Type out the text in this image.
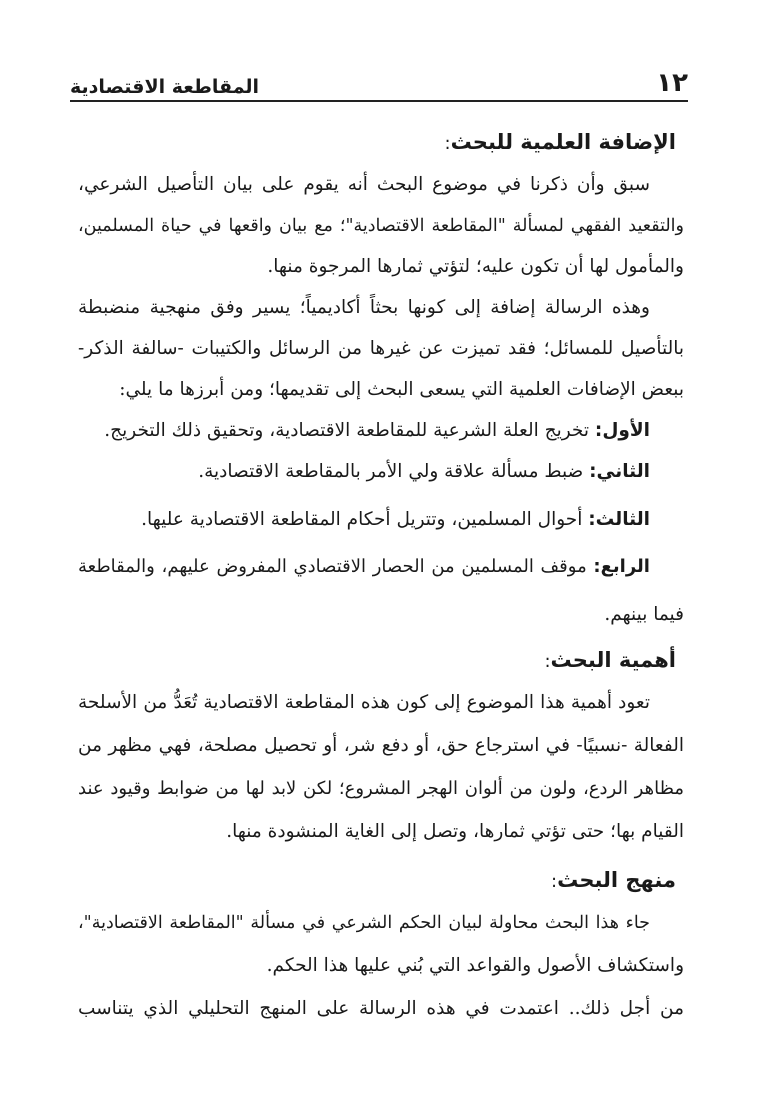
١٢
المقاطعة الاقتصادية
الإضافة العلمية للبحث:
سبق وأن ذكرنا في موضوع البحث أنه يقوم على بيان التأصيل الشرعي،
والتقعيد الفقهي لمسألة "المقاطعة الاقتصادية"؛ مع بيان واقعها في حياة المسلمين،
والمأمول لها أن تكون عليه؛ لتؤتي ثمارها المرجوة منها.
وهذه الرسالة إضافة إلى كونها بحثاً أكاديمياً؛ يسير وفق منهجية منضبطة
بالتأصيل للمسائل؛ فقد تميزت عن غيرها من الرسائل والكتيبات -سالفة الذكر-
ببعض الإضافات العلمية التي يسعى البحث إلى تقديمها؛ ومن أبرزها ما يلي:
الأول: تخريج العلة الشرعية للمقاطعة الاقتصادية، وتحقيق ذلك التخريج.
الثاني: ضبط مسألة علاقة ولي الأمر بالمقاطعة الاقتصادية.
الثالث: أحوال المسلمين، وتتريل أحكام المقاطعة الاقتصادية عليها.
الرابع: موقف المسلمين من الحصار الاقتصادي المفروض عليهم، والمقاطعة
فيما بينهم.
أهمية البحث:
تعود أهمية هذا الموضوع إلى كون هذه المقاطعة الاقتصادية تُعَدُّ من الأسلحة
الفعالة -نسبيًا- في استرجاع حق، أو دفع شر، أو تحصيل مصلحة، فهي مظهر من
مظاهر الردع، ولون من ألوان الهجر المشروع؛ لكن لابد لها من ضوابط وقيود عند
القيام بها؛ حتى تؤتي ثمارها، وتصل إلى الغاية المنشودة منها.
منهج البحث:
جاء هذا البحث محاولة لبيان الحكم الشرعي في مسألة "المقاطعة الاقتصادية"،
واستكشاف الأصول والقواعد التي بُني عليها هذا الحكم.
من أجل ذلك.. اعتمدت في هذه الرسالة على المنهج التحليلي الذي يتناسب
